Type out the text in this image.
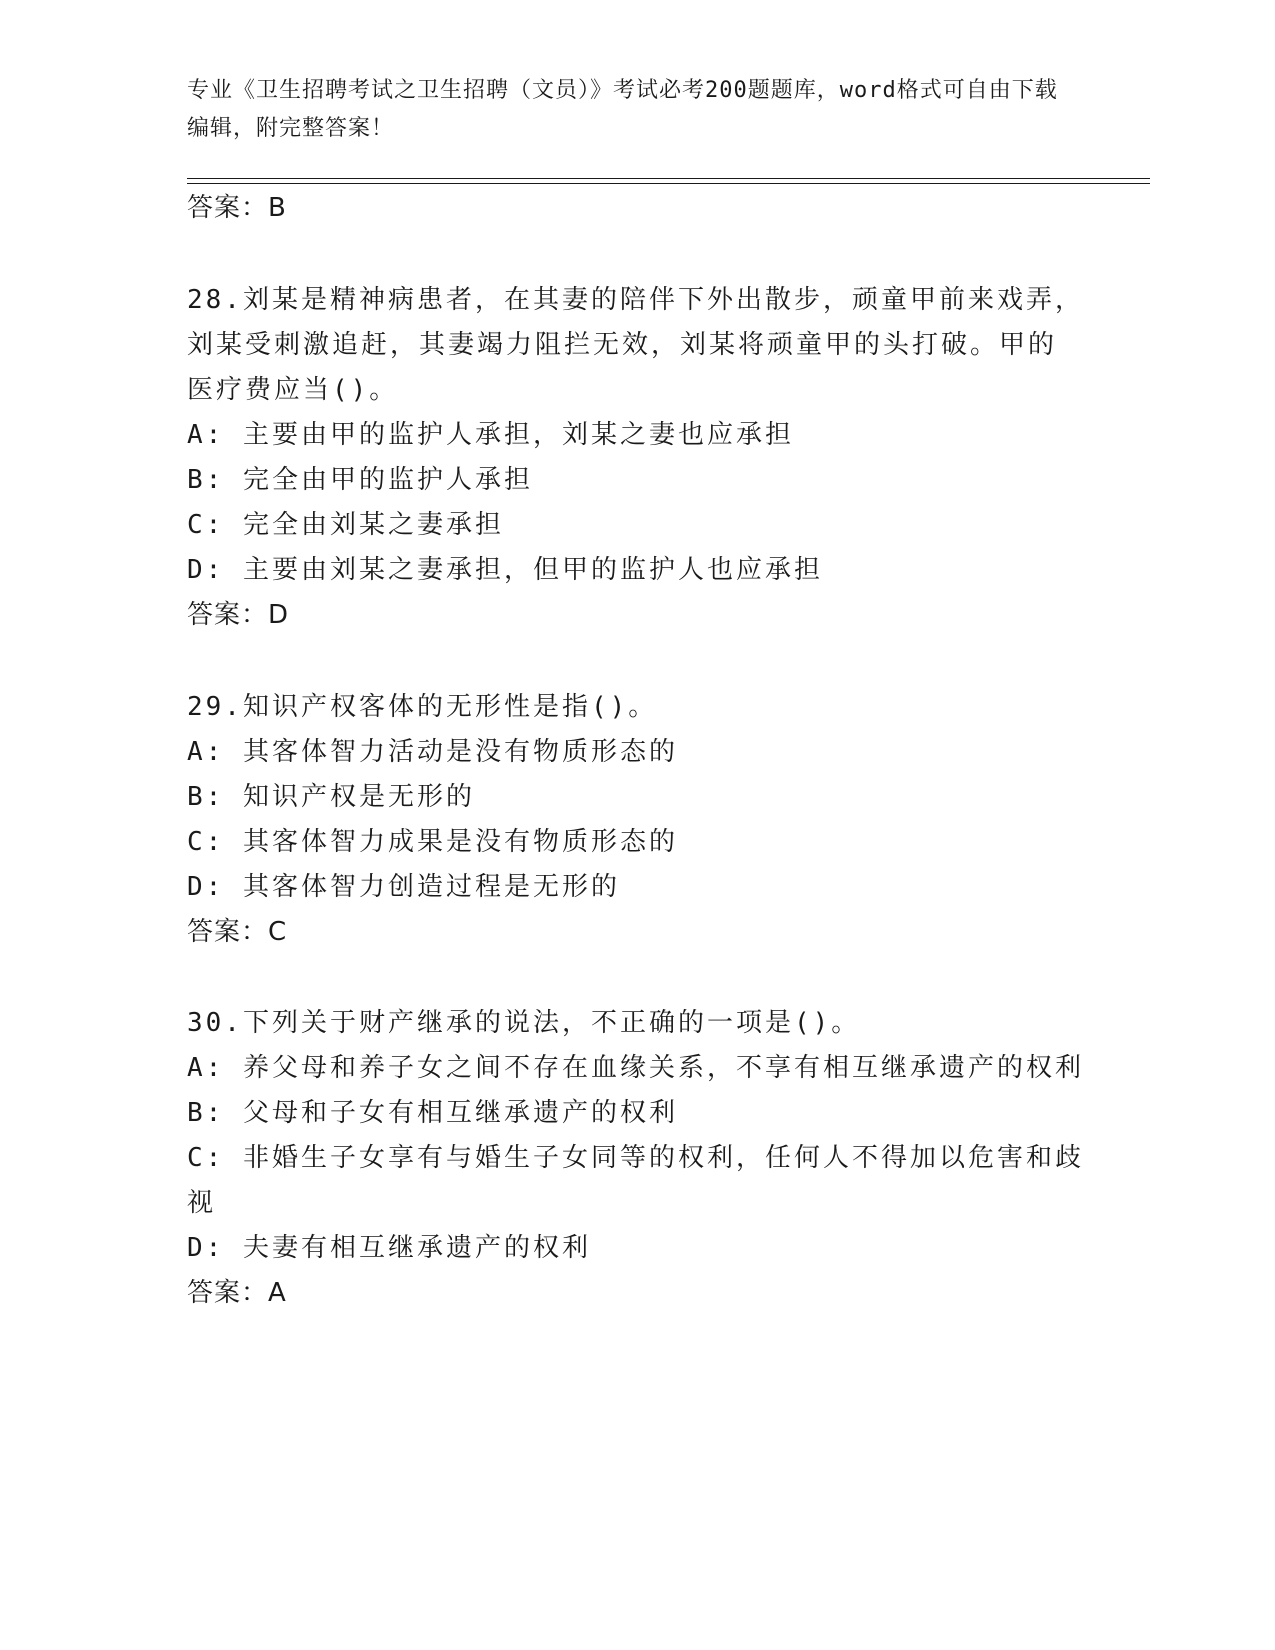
专业《卫生招聘考试之卫生招聘（文员）》考试必考200题题库，word格式可自由下载编辑，附完整答案！
答案：B
28.刘某是精神病患者，在其妻的陪伴下外出散步，顽童甲前来戏弄，
刘某受刺激追赶，其妻竭力阻拦无效，刘某将顽童甲的头打破。甲的
医疗费应当()。
A: 主要由甲的监护人承担，刘某之妻也应承担
B: 完全由甲的监护人承担
C: 完全由刘某之妻承担
D: 主要由刘某之妻承担，但甲的监护人也应承担
答案：D
29.知识产权客体的无形性是指()。
A: 其客体智力活动是没有物质形态的
B: 知识产权是无形的
C: 其客体智力成果是没有物质形态的
D: 其客体智力创造过程是无形的
答案：C
30.下列关于财产继承的说法，不正确的一项是()。
A: 养父母和养子女之间不存在血缘关系，不享有相互继承遗产的权利
B: 父母和子女有相互继承遗产的权利
C: 非婚生子女享有与婚生子女同等的权利，任何人不得加以危害和歧
视
D: 夫妻有相互继承遗产的权利
答案：A
